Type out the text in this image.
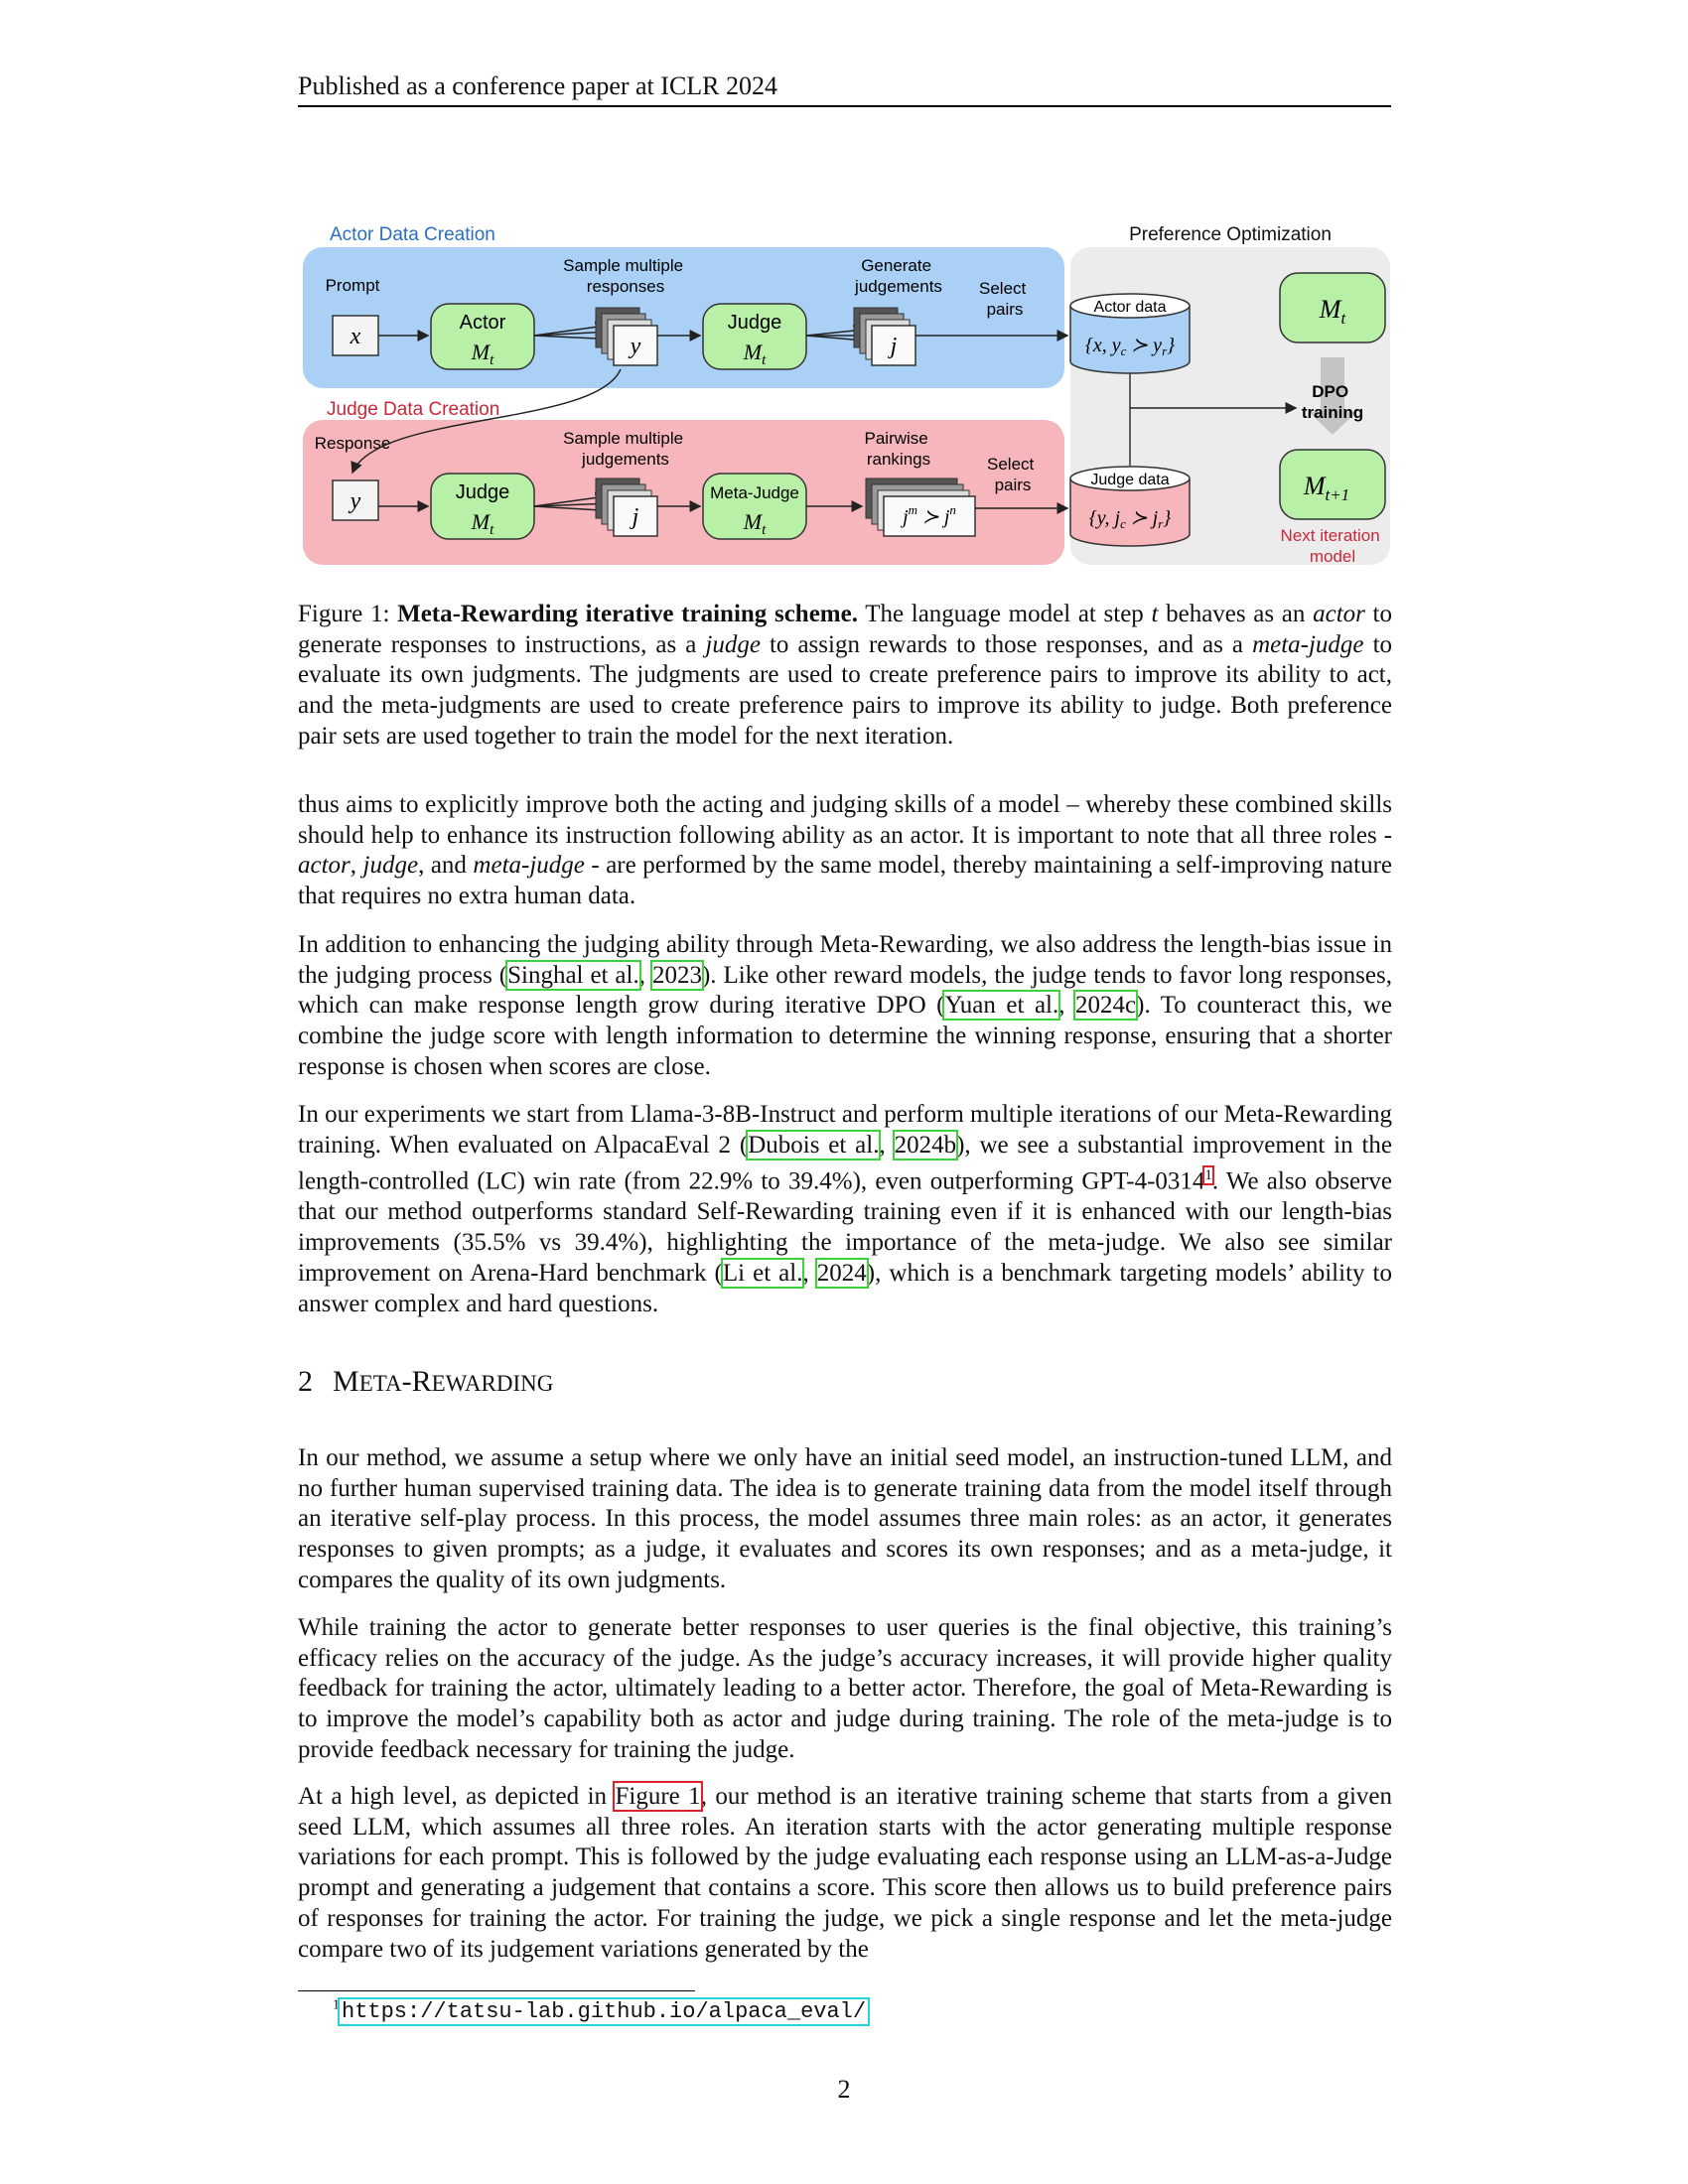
Published as a conference paper at ICLR 2024
Actor Data Creation
Judge Data Creation
Preference Optimization
Prompt
x
Actor
$M_t$
Sample multiple responses
y
Judge
$M_t$
Generate judgements
j
Select pairs	Actor data
{x, $y_c$ ≻ $y_r$}
$M_t$
DPO training
$M_{t+1}$
Next iteration model
Response
y	Judge
$M_t$
Sample multiple judgements
j
Meta-Judge
$M_t$
Pairwise rankings
$j^m$ ≻ $j^n$
Select pairs	Judge data
{y, $j_c$ ≻ $j_r$}

Figure 1: Meta-Rewarding iterative training scheme. The language model at step t behaves as an actor to generate responses to instructions, as a judge to assign rewards to those responses, and as a meta-judge to evaluate its own judgments. The judgments are used to create preference pairs to improve its ability to act, and the meta-judgments are used to create preference pairs to improve its ability to judge. Both preference pair sets are used together to train the model for the next iteration.

thus aims to explicitly improve both the acting and judging skills of a model – whereby these combined skills should help to enhance its instruction following ability as an actor. It is important to note that all three roles - actor, judge, and meta-judge - are performed by the same model, thereby maintaining a self-improving nature that requires no extra human data.

In addition to enhancing the judging ability through Meta-Rewarding, we also address the length-bias issue in the judging process (Singhal et al., 2023). Like other reward models, the judge tends to favor long responses, which can make response length grow during iterative DPO (Yuan et al., 2024c). To counteract this, we combine the judge score with length information to determine the winning response, ensuring that a shorter response is chosen when scores are close.

In our experiments we start from Llama-3-8B-Instruct and perform multiple iterations of our Meta-Rewarding training. When evaluated on AlpacaEval 2 (Dubois et al., 2024b), we see a substantial improvement in the length-controlled (LC) win rate (from 22.9% to 39.4%), even outperforming GPT-4-0314$^1$. We also observe that our method outperforms standard Self-Rewarding training even if it is enhanced with our length-bias improvements (35.5% vs 39.4%), highlighting the importance of the meta-judge. We also see similar improvement on Arena-Hard benchmark (Li et al., 2024), which is a benchmark targeting models’ ability to answer complex and hard questions.

2 META-REWARDING

In our method, we assume a setup where we only have an initial seed model, an instruction-tuned LLM, and no further human supervised training data. The idea is to generate training data from the model itself through an iterative self-play process. In this process, the model assumes three main roles: as an actor, it generates responses to given prompts; as a judge, it evaluates and scores its own responses; and as a meta-judge, it compares the quality of its own judgments.

While training the actor to generate better responses to user queries is the final objective, this training’s efficacy relies on the accuracy of the judge. As the judge’s accuracy increases, it will provide higher quality feedback for training the actor, ultimately leading to a better actor. Therefore, the goal of Meta-Rewarding is to improve the model’s capability both as actor and judge during training. The role of the meta-judge is to provide feedback necessary for training the judge.

At a high level, as depicted in Figure 1, our method is an iterative training scheme that starts from a given seed LLM, which assumes all three roles. An iteration starts with the actor generating multiple response variations for each prompt. This is followed by the judge evaluating each response using an LLM-as-a-Judge prompt and generating a judgement that contains a score. This score then allows us to build preference pairs of responses for training the actor. For training the judge, we pick a single response and let the meta-judge compare two of its judgement variations generated by the

$^1$https://tatsu-lab.github.io/alpaca_eval/
2
